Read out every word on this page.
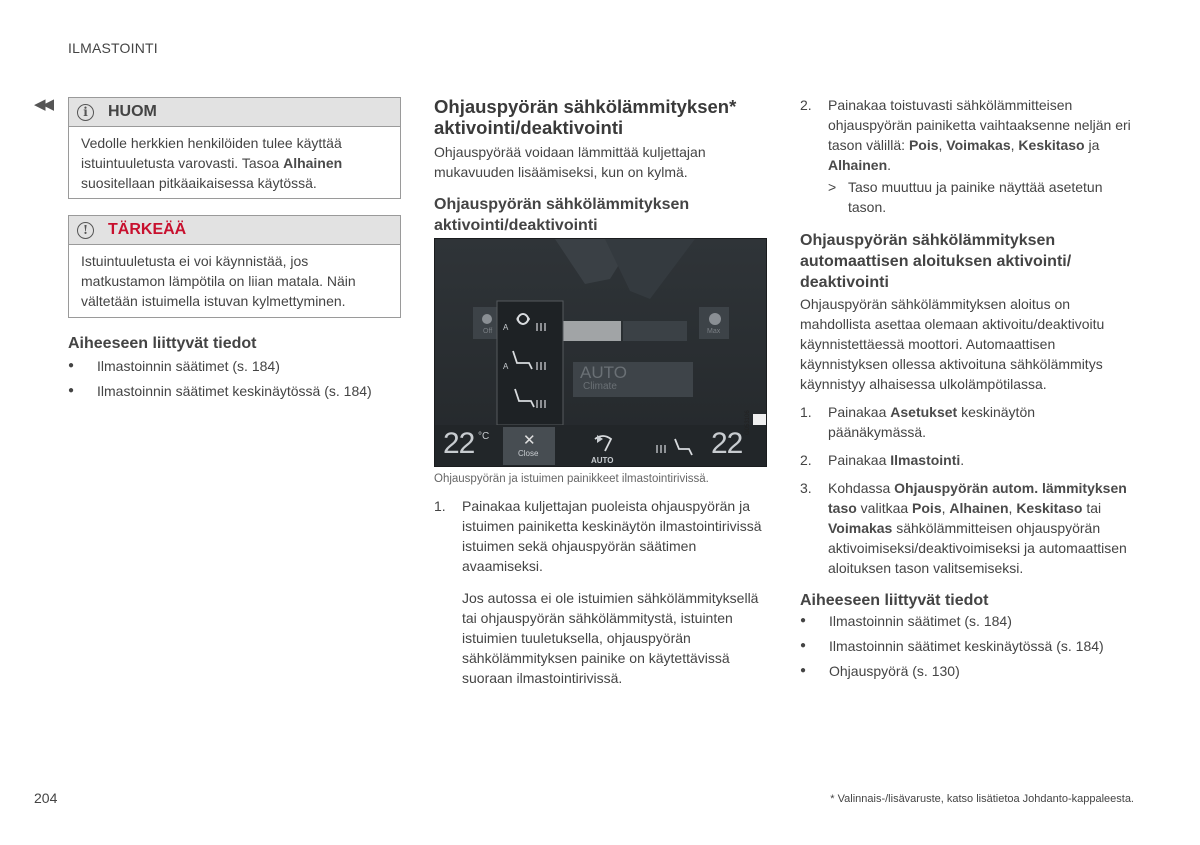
ILMASTOINTI
◀◀	i	HUOM
Vedolle herkkien henkilöiden tulee käyttää istuintuuletusta varovasti. Tasoa Alhainen suositellaan pitkäaikaisessa käytössä.
!	TÄRKEÄÄ
Istuintuuletusta ei voi käynnistää, jos matkustamon lämpötila on liian matala. Näin vältetään istuimella istuvan kylmettyminen.
Aiheeseen liittyvät tiedot
● Ilmastoinnin säätimet (s. 184)
● Ilmastoinnin säätimet keskinäytössä (s. 184)
Ohjauspyörän sähkölämmityksen* aktivointi/deaktivointi
Ohjauspyörää voidaan lämmittää kuljettajan mukavuuden lisäämiseksi, kun on kylmä.
Ohjauspyörän sähkölämmityksen aktivointi/deaktivointi
22 °C	22
AUTO
Climate
✕
Close
AUTO
Off	Max
A
A
G053106
Ohjauspyörän ja istuimen painikkeet ilmastointirivissä.
1. Painakaa kuljettajan puoleista ohjauspyörän ja istuimen painiketta keskinäytön ilmastointirivissä istuimen sekä ohjauspyörän säätimen avaamiseksi.
Jos autossa ei ole istuimien sähkölämmityksellä tai ohjauspyörän sähkölämmitystä, istuinten istuimien tuuletuksella, ohjauspyörän sähkölämmityksen painike on käytettävissä suoraan ilmastointirivissä.
2. Painakaa toistuvasti sähkölämmitteisen ohjauspyörän painiketta vaihtaaksenne neljän eri tason välillä: Pois, Voimakas, Keskitaso ja Alhainen.
> Taso muuttuu ja painike näyttää asetetun tason.
Ohjauspyörän sähkölämmityksen automaattisen aloituksen aktivointi/ deaktivointi
Ohjauspyörän sähkölämmityksen aloitus on mahdollista asettaa olemaan aktivoitu/deaktivoitu käynnistettäessä moottori. Automaattisen käynnistyksen ollessa aktivoituna sähkölämmitys käynnistyy alhaisessa ulkolämpötilassa.
1. Painakaa Asetukset keskinäytön päänäkymässä.
2. Painakaa Ilmastointi.
3. Kohdassa Ohjauspyörän autom. lämmityksen taso valitkaa Pois, Alhainen, Keskitaso tai Voimakas sähkölämmitteisen ohjauspyörän aktivoimiseksi/deaktivoimiseksi ja automaattisen aloituksen tason valitsemiseksi.
Aiheeseen liittyvät tiedot
● Ilmastoinnin säätimet (s. 184)
● Ilmastoinnin säätimet keskinäytössä (s. 184)
● Ohjauspyörä (s. 130)
204	* Valinnais-/lisävaruste, katso lisätietoa Johdanto-kappaleesta.
